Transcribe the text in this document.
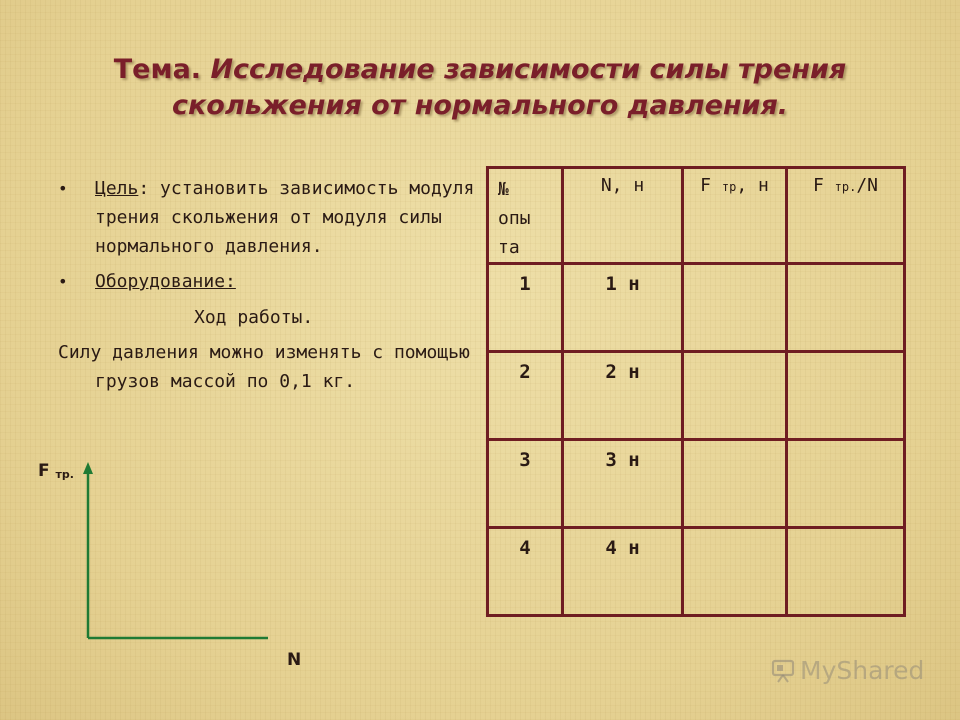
Тема. Исследование зависимости силы трения скольжения от нормального давления.
• Цель: установить зависимость модуля трения скольжения от модуля силы нормального давления.
• Оборудование:
Ход работы.
Силу давления можно изменять с помощью грузов массой по 0,1 кг.
F тр.
N
№
опы
та	N, н	F тр, н	F тр./N
1	1 н		
2	2 н		
3	3 н		
4	4 н		
MyShared
